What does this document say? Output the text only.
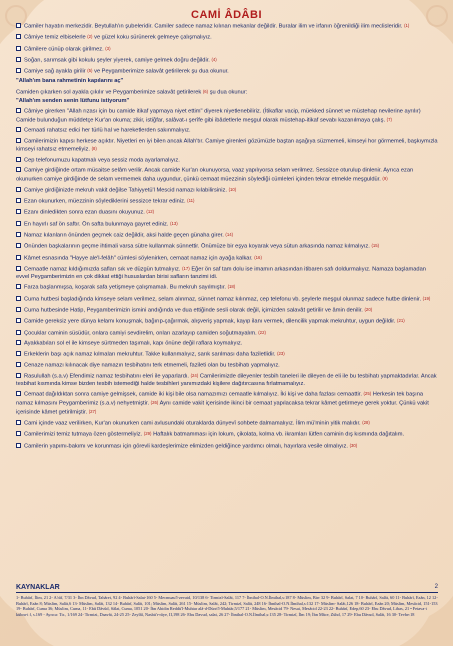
CAMİ ÂDÂBI
Camiler hayatın merkezidir. Beytullah'ın şubeleridir. Camiler sadece namaz kılınan mekanlar değildir. Buralar ilim ve irfanın öğrenildiği ilim meclisleridir. (1)
Câmiye temiz elbiselerle (2) ve güzel koku sürünerek gelmeye çalışmalıyız.
Câmilere cünüp olarak girilmez. (3)
Soğan, sarımsak gibi kokulu şeyler yiyerek, camiye gelmek doğru değildir. (4)
Camiye sağ ayakla girilir (5) ve Peygamberimize salavât getirilerek şu dua okunur.
"Allah'ım bana rahmetinin kapılarını aç"
Camiden çıkarken sol ayakla çıkılır ve Peygamberimize salavât getirilerek (6) şu dua okunur:
"Allah'ım senden senin lütfunu istiyorum"
Câmiye girerken "Allah rızası için bu camide itikaf yapmaya niyet ettim" diyerek niyetlenebiliriz. (İtikaflar vacip, müekked sünnet ve müstehap nevilerine ayrılır) Camide bulunduğun müddetçe Kur'an okuma; zikir, istiğfar, salâvat-ı şerîfe gibi ibâdetlerle meşgul olarak müstehap-itikaf sevabı kazanılmaya çalış. (7)
Cemaati rahatsız edici her türlü hal ve hareketlerden sakınmalıyız.
Camilerimizin kapısı herkese açıktır. Niyetleri en iyi bilen ancak Allah'tır. Camiye girenleri gözümüzle baştan aşağıya süzmemeli, kimseyi hor görmemeli, başkıymızla kimseyi rahatsız etmemeliyiz. (8)
Cep telefonumuzu kapatmalı veya sessiz moda ayarlamalıyız.
Camiye girdiğinde ortam müsaitse selâm verilir. Ancak camide Kur'an okunuyorsa, vaaz yapılıyorsa selam verilmez. Sessizce oturulup dinlenir. Ayrıca ezan okunurken camiye girdiğinde de selam vermemek daha uygundur, çünkü cemaat müezzinin söylediği cümleleri içinden tekrar etmekle meşguldür. (9)
Camiye girdiğinizde mekruh vakit değilse Tahiyyetü'l Mescid namazı kılabilirsiniz. (10)
Ezan okunurken, müezzinin söylediklerini sessizce tekrar ediniz. (11)
Ezanı dinledikten sonra ezan duasını okuyunuz. (12)
En hayırlı saf ön saftır. Ön safta bulunmaya gayret ediniz. (13)
Namaz kılanların önünden geçmek caiz değildir, aksi halde geçen günaha girer. (14)
Önünden başkalarının geçme ihtimali varsa sütre kullanmak sünnettir. Önümüze bir eşya koyarak veya sütun arkasında namaz kılmalıyız. (15)
Kâmet esnasında "Hayye ale'l-felâh" cümlesi söylenirken, cemaat namaz için ayağa kalkar. (16)
Cemaatle namaz kıldığımızda safları sık ve düzgün tutmalıyız. (17) Eğer ön saf tam dolu ise imamın arkasından itibaren safı doldurmalıyız. Namaza başlamadan evvel Peygamberimizin en çok dikkat ettiği hususlardan birisi safların tanzimi idi.
Farza başlanmışsa, koşarak safa yetişmeye çalışmamalı. Bu mekruh sayılmıştır. (18)
Cuma hutbesi başladığında kimseye selam verilmez, selam alınmaz, sünnet namaz kılınmaz, cep telefonu vb. şeylerle meşgul olunmaz sadece hutbe dinlenir. (19)
Cuma hutbesinde Hatip, Peygamberimizin ismini andığında ve dua ettiğinde sesli olarak değil, içimizden salavât getirilir ve âmin denilir. (20)
Camide gereksiz yere dünya kelamı konuşmak, bağırıp-çağırmak, alışveriş yapmak, kayıp ilanı vermek, dilencilik yapmak mekruhtur, uygun değildir. (21)
Çocuklar caminin süsüdür, onlara camiyi sevdirelim, onları azarlayıp camiden soğutmayalım. (22)
Ayakkabıları sol el ile kimseye sürtmeden taşımalı, kapı önüne değil raflara koymalıyız.
Erkeklerin başı açık namaz kılmaları mekruhtur. Takke kullanmalıyız, sarık sarılması daha faziletlidir. (23)
Cenaze namazı kılınacak diye namazın tesbihatını terk etmemeli, fazileti olan bu tesbihatı yapmalıyız.
Rasulullah (s.a.v) Efendimiz namaz tesbihatını eleri ile yaparlardı. (24) Camilerimizde dileyenler tesbih taneleri ile dileyen de eli ile bu tesbihatı yapmaktadırlar. Ancak tesbihat kısmında kimse bizden tesbih istemediği halde tesbihleri yanımızdaki kişilere dağıtırcasına fırlatmamalıyız.
Cemaat dağıldıktan sonra camiye gelmişsek, camide iki kişi bile olsa namazımızı cemaatle kılmalıyız. İki kişi ve daha fazlası cemaattir. (25) Herkesin tek başına namaz kılmasını Peygamberimiz (s.a.v) nehyetmiştir. (26) Aynı camide vakit içerisinde ikinci bir cemaat yapılacaksa tekrar kâmet getirmeye gerek yoktur. Çünkü vakit içerisinde kâmet getirilmiştir. (27)
Cami içinde vaaz verilirken, Kur'an okunurken cami avlusundaki oturaklarda dünyevî sohbete dalmamalıyız. İlim mü'minin yitik malıdır. (28)
Camilerimizi temiz tutmaya özen göstermeliyiz. (29) Haftalık batmamması için lokum, çikolata, kolma vb. ikramları lütfen caminin dış kısmında dağıtalım.
Camilerin yapımı-bakımı ve korunması için görevli kardeşlerimize elimizden geldiğince yardımcı olmalı, hayırlara vesile olmalıyız. (30)
KAYNAKLAR	2
1- Buhârî, İlim, 21 2- A'râf, 7/31 3- İbn Dâvud, Tahâret, 92 4- Buhârî-Salat-160 5- Mecmuau'l-zevaid, 10/138 6- Tirmizî-Salât, 117 7- İbnihal-O.N.İlmihal,s:187 8- Müslim, Birr 32 9- Buhârî, Salat, 7 10- Buhârî, Salât, 60 11- Buhârî, Ezân, 12 12- Buhârî, Ezân 8; Müslim, Salât,6 13- Müslim, Salât, 132 14- Buhârî, Salât, 101; Müslim, Salât, 261 15- Müslim, Salât, 242; Tirmizî, Salât, 248 16- İbnihal-O.N.İlmihal,s:132 17- Müslim- Salât,126 18- Buhârî, Ezân 20; Müslim, Mesâcid, 151-153 19- Buhârî, Cuma 36; Müslim, Cuma, 11- Ebû Dâvûd, Sâlat, Cuma, 1051 20- İbn Abidin Reddü'l-Muhtar alâ-d-Dürri'l-Muhtâr,5/177 21- Müslim, Mesâcid 79- Nesai, Mesâcid 22-23 22- Buhârî, Edep,60 23- Ebu Dâvud, Libas, 21 • Fetava-i kübra-i f, s.169 - Ayrıca: Tir., 1/169 24- Tirmizi, Daavât, 24-25 25- Zeylâî, Nasbü'r-râye, II,198 26- Ebu Davud, salat, 26 27- İbnihal-O.N.İlmihal,s:135 28- Tirmizî, İlm 19; İbn Mâce, Zühd, 17 29- Ebu Dâvud, Salât, 16 30- Tevbe:18
